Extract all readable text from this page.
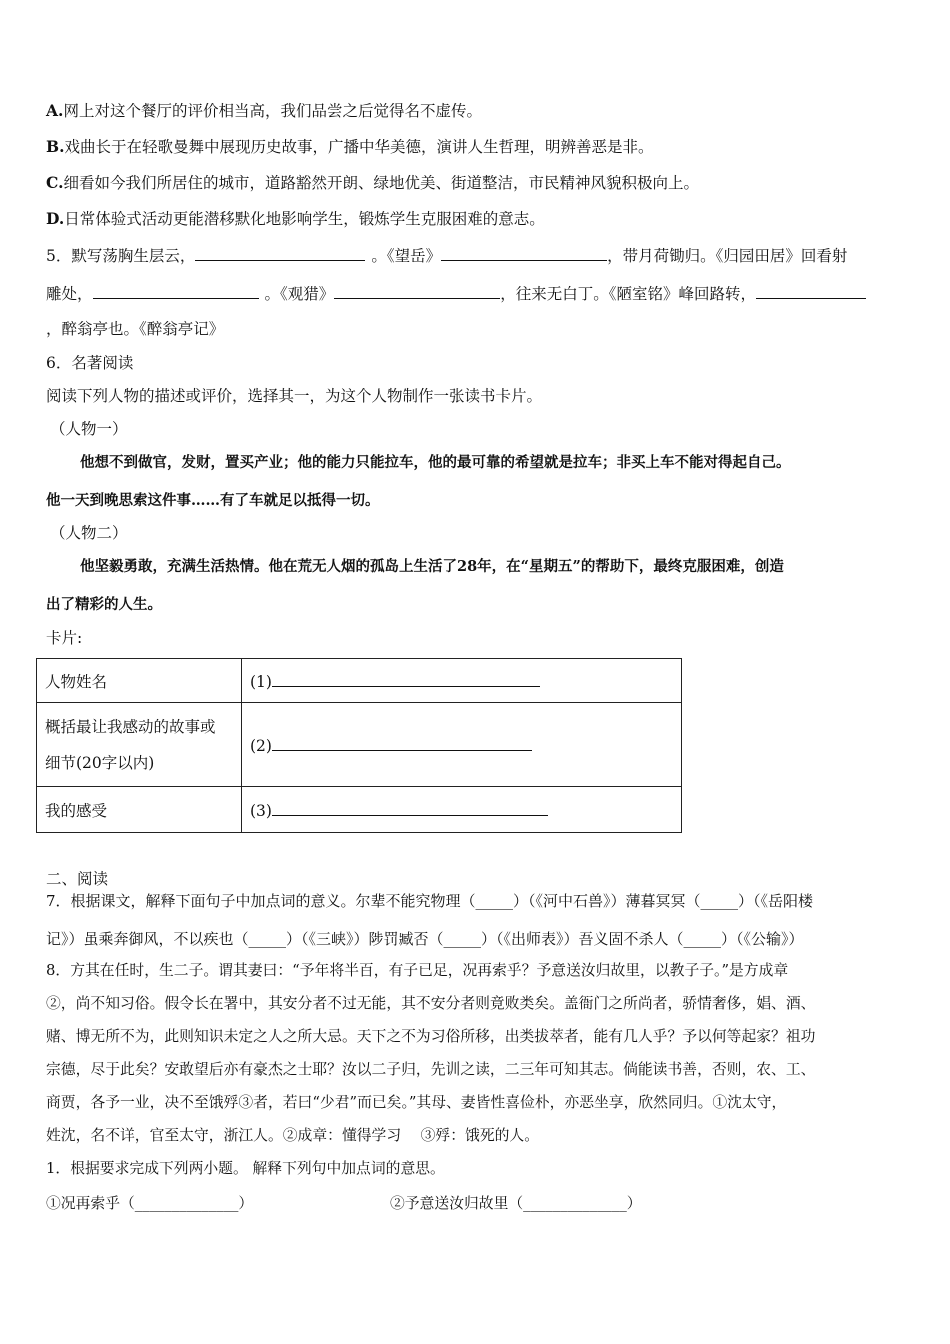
A.网上对这个餐厅的评价相当高，我们品尝之后觉得名不虚传。
B.戏曲长于在轻歌曼舞中展现历史故事，广播中华美德，演讲人生哲理，明辨善恶是非。
C.细看如今我们所居住的城市，道路豁然开朗、绿地优美、街道整洁，市民精神风貌积极向上。
D.日常体验式活动更能潜移默化地影响学生，锻炼学生克服困难的意志。
5．默写荡胸生层云，	。《望岳》	，带月荷锄归。《归园田居》回看射
雕处，	。《观猎》	，往来无白丁。《陋室铭》峰回路转，
，醉翁亭也。《醉翁亭记》
6．名著阅读
阅读下列人物的描述或评价，选择其一，为这个人物制作一张读书卡片。
（人物一）
他想不到做官，发财，置买产业；他的能力只能拉车，他的最可靠的希望就是拉车；非买上车不能对得起自己。
他一天到晚思索这件事……有了车就足以抵得一切。
（人物二）
他坚毅勇敢，充满生活热情。他在荒无人烟的孤岛上生活了28年，在“星期五”的帮助下，最终克服困难，创造
出了精彩的人生。
卡片:
人物姓名	(1)

概括最让我感动的故事或
细节(20字以内)	(2)
我的感受	(3)
二、阅读
7．根据课文，解释下面句子中加点词的意义。尔辈不能究物理（_____）（《河中石兽》）薄暮冥冥（_____）（《岳阳楼
记》）虽乘奔御风，不以疾也（_____）（《三峡》）陟罚臧否（_____）（《出师表》）吾义固不杀人（_____）（《公输》）
8．方其在任时，生二子。谓其妻曰：“予年将半百，有子已足，况再索乎？予意送汝归故里，以教子子。”是方成章
②，尚不知习俗。假令长在署中，其安分者不过无能，其不安分者则竟败类矣。盖衙门之所尚者，骄情奢侈，娼、酒、
赌、博无所不为，此则知识未定之人之所大忌。天下之不为习俗所移，出类拔萃者，能有几人乎？予以何等起家？祖功
宗德，尽于此矣？安敢望后亦有豪杰之士耶？汝以二子归，先训之读，二三年可知其志。倘能读书善，否则，农、工、
商贾，各予一业，决不至饿殍③者，若曰“少君”而已矣。”其母、妻皆性喜俭朴，亦恶坐享，欣然同归。①沈太守，
姓沈，名不详，官至太守，浙江人。②成章：懂得学习　 ③殍：饿死的人。
1．根据要求完成下列两小题。 解释下列句中加点词的意思。
①况再索乎（______________）	②予意送汝归故里（______________）
